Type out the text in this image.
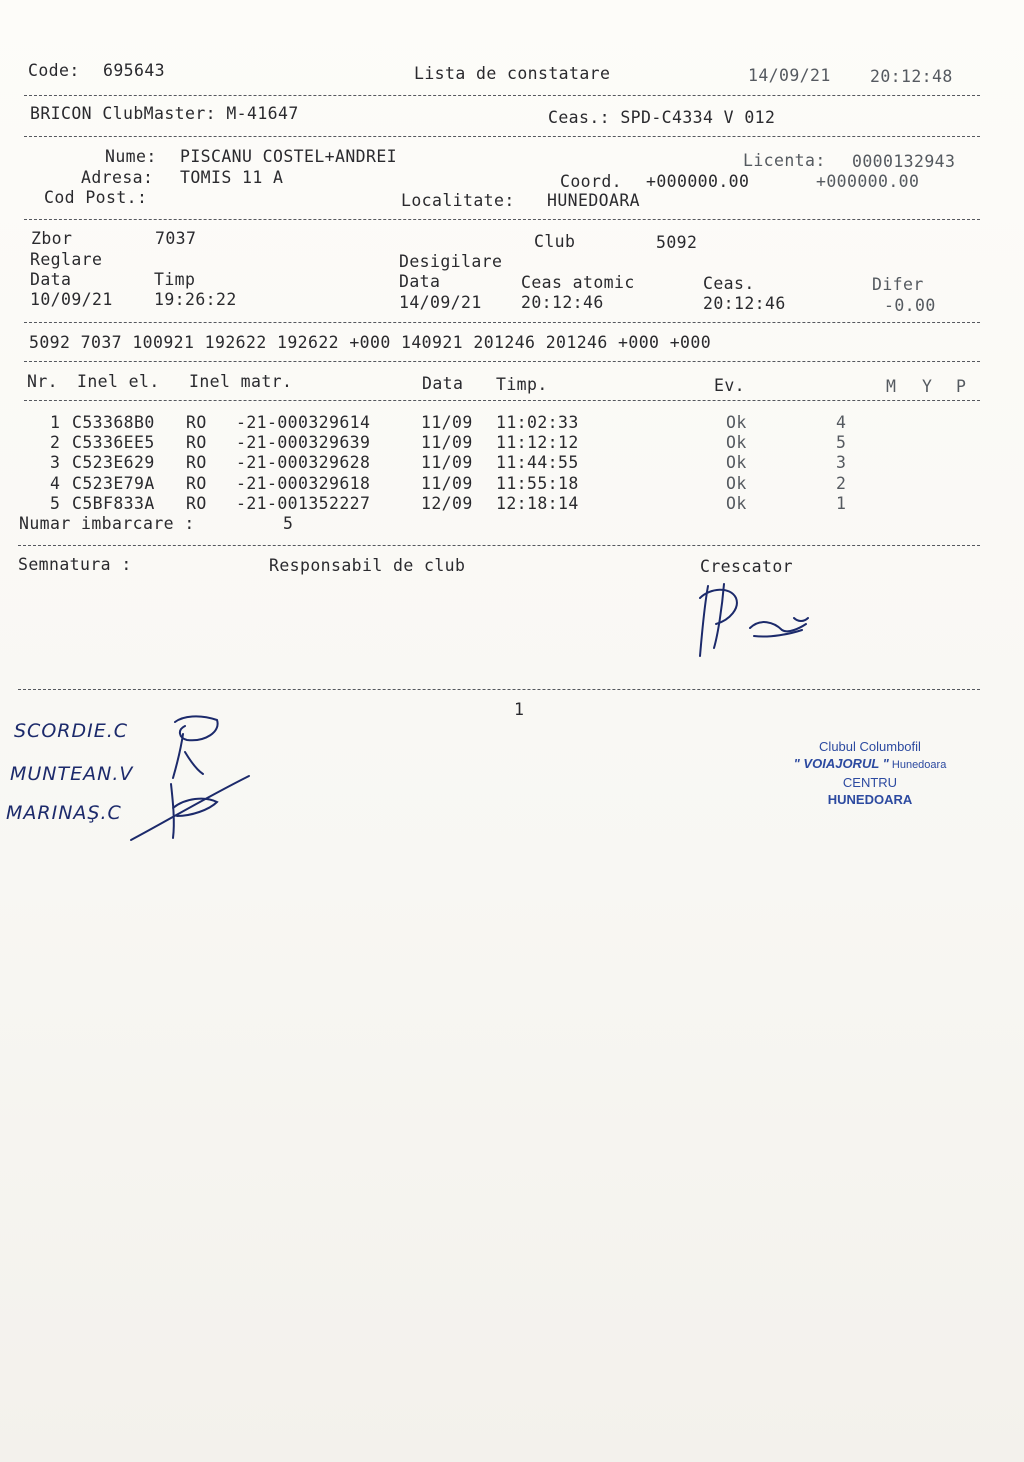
Code: 695643	Lista de constatare	14/09/21 20:12:48
BRICON ClubMaster: M-41647	Ceas.: SPD-C4334 V 012
Nume: PISCANU COSTEL+ANDREI	Licenta: 0000132943
Adresa: TOMIS 11 A	Coord. +000000.00	+000000.00
Cod Post.:	Localitate: HUNEDOARA
Zbor	7037	Club	5092
Reglare	Desigilare
Data	Timp	Data	Ceas atomic	Ceas.	Difer
10/09/21	19:26:22	14/09/21 20:12:46	20:12:46	-0.00
5092 7037 100921 192622 192622 +000 140921 201246 201246 +000 +000
Nr. Inel el. Inel matr.	Data Timp.	Ev.	M Y P
1 C53368B0 RO -21-000329614	11/09 11:02:33	Ok	4
2 C5336EE5 RO -21-000329639	11/09 11:12:12	Ok	5
3 C523E629 RO -21-000329628	11/09 11:44:55	Ok	3
4 C523E79A RO -21-000329618	11/09 11:55:18	Ok	2
5 C5BF833A RO -21-001352227	12/09 12:18:14	Ok	1
Numar imbarcare :	5
Semnatura :	Responsabil de club	Crescator
1
SCORDIE.C
MUNTEAN.V
MARINAŞ.C
Clubul Columbofil
" VOIAJORUL " Hunedoara
CENTRU
HUNEDOARA
